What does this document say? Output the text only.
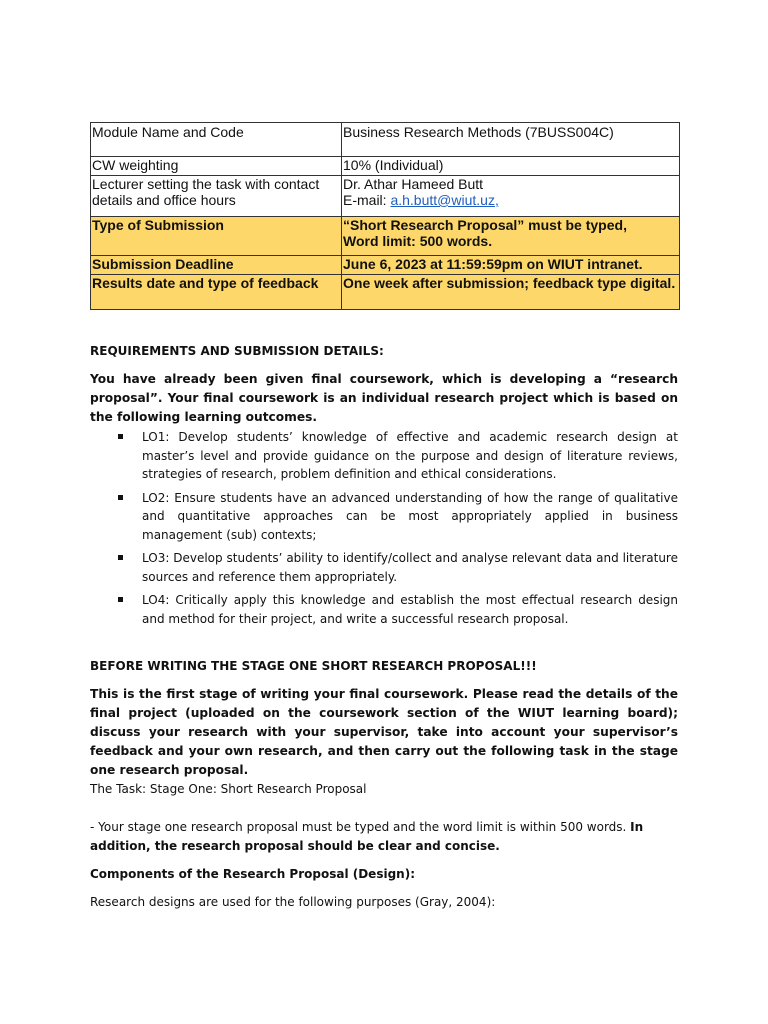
Module Name and Code	Business Research Methods (7BUSS004C)
CW weighting	10% (Individual)
Lecturer setting the task with contact details and office hours	Dr. Athar Hameed Butt
E-mail: a.h.butt@wiut.uz,

Type of Submission	“Short Research Proposal” must be typed,
Word limit: 500 words.

Submission Deadline	June 6, 2023 at 11:59:59pm on WIUT intranet.
Results date and type of feedback	One week after submission; feedback type digital.
REQUIREMENTS AND SUBMISSION DETAILS:
You have already been given final coursework, which is developing a “research proposal”. Your final coursework is an individual research project which is based on the following learning outcomes.
LO1: Develop students’ knowledge of effective and academic research design at master’s level and provide guidance on the purpose and design of literature reviews, strategies of research, problem definition and ethical considerations.
LO2: Ensure students have an advanced understanding of how the range of qualitative and quantitative approaches can be most appropriately applied in business management (sub) contexts;
LO3: Develop students’ ability to identify/collect and analyse relevant data and literature sources and reference them appropriately.
LO4: Critically apply this knowledge and establish the most effectual research design and method for their project, and write a successful research proposal.
BEFORE WRITING THE STAGE ONE SHORT RESEARCH PROPOSAL!!!
This is the first stage of writing your final coursework. Please read the details of the final project (uploaded on the coursework section of the WIUT learning board); discuss your research with your supervisor, take into account your supervisor’s feedback and your own research, and then carry out the following task in the stage one research proposal.
The Task: Stage One: Short Research Proposal
- Your stage one research proposal must be typed and the word limit is within 500 words. In addition, the research proposal should be clear and concise.
Components of the Research Proposal (Design):
Research designs are used for the following purposes (Gray, 2004):
